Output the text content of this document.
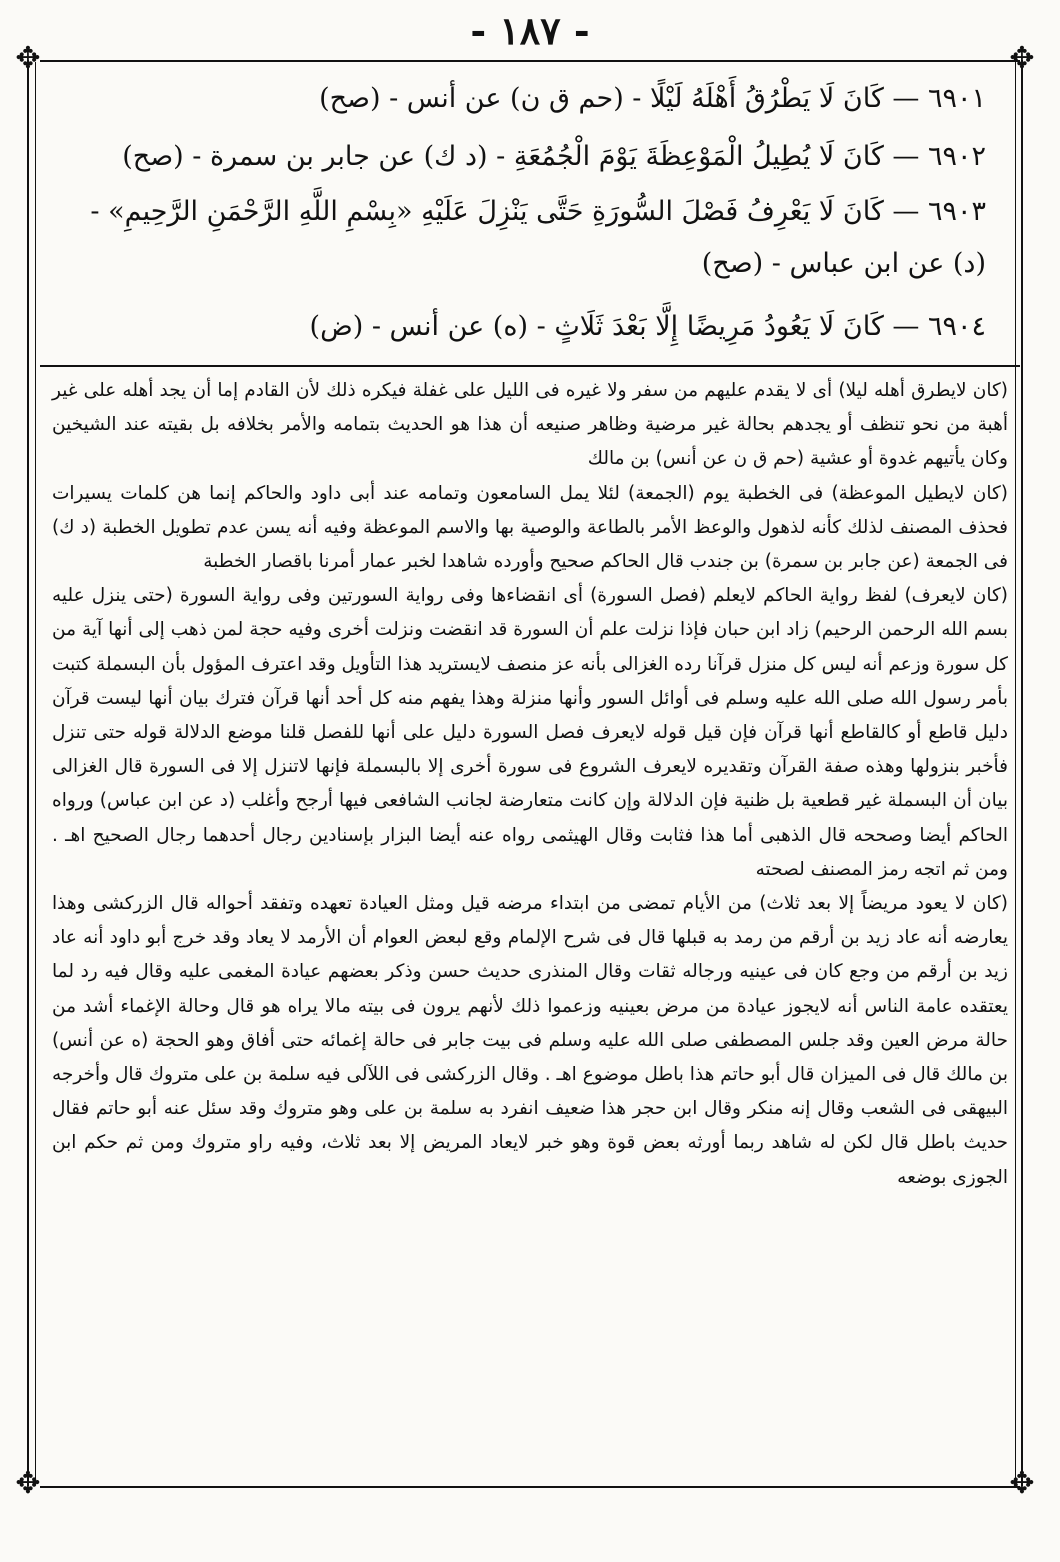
✥	✥
✥	✥
- ١٨٧ -

٦٩٠١ — كَانَ لَا يَطْرُقُ أَهْلَهُ لَيْلًا - (حم ق ن) عن أنس - (صح)

٦٩٠٢ — كَانَ لَا يُطِيلُ الْمَوْعِظَةَ يَوْمَ الْجُمُعَةِ - (د ك) عن جابر بن سمرة - (صح)

٦٩٠٣ — كَانَ لَا يَعْرِفُ فَصْلَ السُّورَةِ حَتَّى يَنْزِلَ عَلَيْهِ «بِسْمِ اللَّهِ الرَّحْمَنِ الرَّحِيمِ» - (د) عن ابن عباس - (صح)

٦٩٠٤ — كَانَ لَا يَعُودُ مَرِيضًا إِلَّا بَعْدَ ثَلَاثٍ - (ه) عن أنس - (ض)

(كان لايطرق أهله ليلا) أى لا يقدم عليهم من سفر ولا غيره فى الليل على غفلة فيكره ذلك لأن القادم إما أن يجد أهله على غير أهبة من نحو تنظف أو يجدهم بحالة غير مرضية وظاهر صنيعه أن هذا هو الحديث بتمامه والأمر بخلافه بل بقيته عند الشيخين وكان يأتيهم غدوة أو عشية (حم ق ن عن أنس) بن مالك

(كان لايطيل الموعظة) فى الخطبة يوم (الجمعة) لئلا يمل السامعون وتمامه عند أبى داود والحاكم إنما هن كلمات يسيرات فحذف المصنف لذلك كأنه لذهول والوعظ الأمر بالطاعة والوصية بها والاسم الموعظة وفيه أنه يسن عدم تطويل الخطبة (د ك) فى الجمعة (عن جابر بن سمرة) بن جندب قال الحاكم صحيح وأورده شاهدا لخبر عمار أمرنا باقصار الخطبة

(كان لايعرف) لفظ رواية الحاكم لايعلم (فصل السورة) أى انقضاءها وفى رواية السورتين وفى رواية السورة (حتى ينزل عليه بسم الله الرحمن الرحيم) زاد ابن حبان فإذا نزلت علم أن السورة قد انقضت ونزلت أخرى وفيه حجة لمن ذهب إلى أنها آية من كل سورة وزعم أنه ليس كل منزل قرآنا رده الغزالى بأنه عز منصف لايستريد هذا التأويل وقد اعترف المؤول بأن البسملة كتبت بأمر رسول الله صلى الله عليه وسلم فى أوائل السور وأنها منزلة وهذا يفهم منه كل أحد أنها قرآن فترك بيان أنها ليست قرآن دليل قاطع أو كالقاطع أنها قرآن فإن قيل قوله لايعرف فصل السورة دليل على أنها للفصل قلنا موضع الدلالة قوله حتى تنزل فأخبر بنزولها وهذه صفة القرآن وتقديره لايعرف الشروع فى سورة أخرى إلا بالبسملة فإنها لاتنزل إلا فى السورة قال الغزالى بيان أن البسملة غير قطعية بل ظنية فإن الدلالة وإن كانت متعارضة لجانب الشافعى فيها أرجح وأغلب (د عن ابن عباس) ورواه الحاكم أيضا وصححه قال الذهبى أما هذا فثابت وقال الهيثمى رواه عنه أيضا البزار بإسنادين رجال أحدهما رجال الصحيح اهـ . ومن ثم اتجه رمز المصنف لصحته

(كان لا يعود مريضاً إلا بعد ثلاث) من الأيام تمضى من ابتداء مرضه قيل ومثل العيادة تعهده وتفقد أحواله قال الزركشى وهذا يعارضه أنه عاد زيد بن أرقم من رمد به قبلها قال فى شرح الإلمام وقع لبعض العوام أن الأرمد لا يعاد وقد خرج أبو داود أنه عاد زيد بن أرقم من وجع كان فى عينيه ورجاله ثقات وقال المنذرى حديث حسن وذكر بعضهم عيادة المغمى عليه وقال فيه رد لما يعتقده عامة الناس أنه لايجوز عيادة من مرض بعينيه وزعموا ذلك لأنهم يرون فى بيته مالا يراه هو قال وحالة الإغماء أشد من حالة مرض العين وقد جلس المصطفى صلى الله عليه وسلم فى بيت جابر فى حالة إغمائه حتى أفاق وهو الحجة (ه عن أنس) بن مالك قال فى الميزان قال أبو حاتم هذا باطل موضوع اهـ . وقال الزركشى فى اللآلى فيه سلمة بن على متروك قال وأخرجه البيهقى فى الشعب وقال إنه منكر وقال ابن حجر هذا ضعيف انفرد به سلمة بن على وهو متروك وقد سئل عنه أبو حاتم فقال حديث باطل قال لكن له شاهد ربما أورثه بعض قوة وهو خبر لايعاد المريض إلا بعد ثلاث، وفيه راو متروك ومن ثم حكم ابن الجوزى بوضعه
